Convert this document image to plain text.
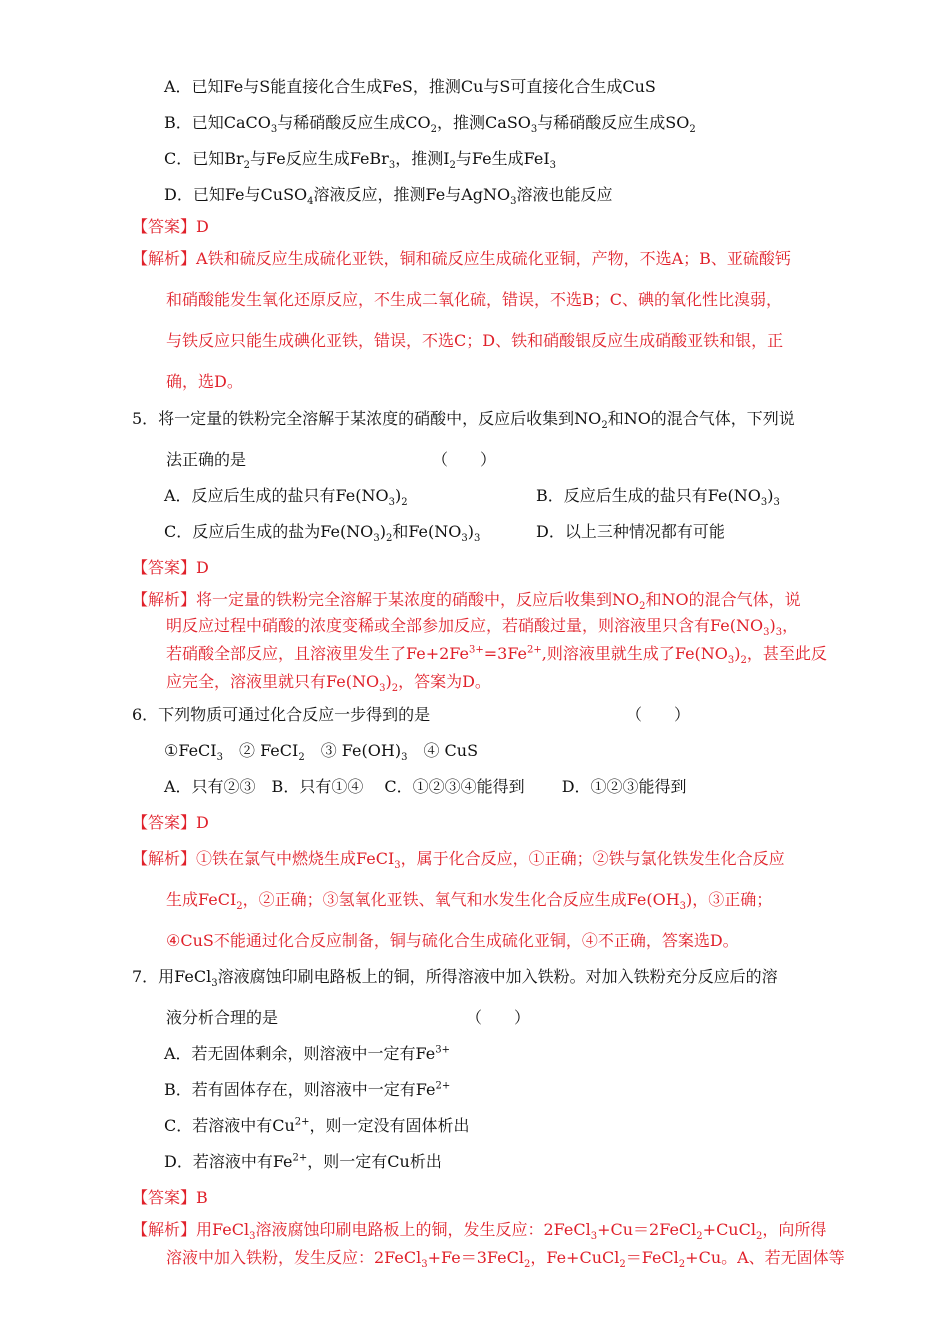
A．已知Fe与S能直接化合生成FeS，推测Cu与S可直接化合生成CuS
B．已知CaCO$_3$与稀硝酸反应生成$CO_2$，推测CaSO$_3$与稀硝酸反应生成$SO_2$
C．已知$Br_2$与Fe反应生成FeBr$_3$，推测$I_2$与Fe生成FeI$_3$
D．已知Fe与CuSO$_4$溶液反应，推测Fe与AgNO$_3$溶液也能反应
【答案】D
【解析】A铁和硫反应生成硫化亚铁，铜和硫反应生成硫化亚铜，产物，不选A；B、亚硫酸钙
和硝酸能发生氧化还原反应，不生成二氧化硫，错误，不选B；C、碘的氧化性比溴弱，
与铁反应只能生成碘化亚铁，错误，不选C；D、铁和硝酸银反应生成硝酸亚铁和银，正
确，选D。
5．将一定量的铁粉完全溶解于某浓度的硝酸中，反应后收集到$NO_2$和NO的混合气体，下列说
法正确的是	（　　）
A．反应后生成的盐只有$Fe(NO_3)_2$	B．反应后生成的盐只有$Fe(NO_3)_3$
C．反应后生成的盐为$Fe(NO_3)_2$和$Fe(NO_3)_3$	D．以上三种情况都有可能
【答案】D
【解析】将一定量的铁粉完全溶解于某浓度的硝酸中，反应后收集到$NO_2$和NO的混合气体，说
明反应过程中硝酸的浓度变稀或全部参加反应，若硝酸过量，则溶液里只含有$Fe(NO_3)_3$，
若硝酸全部反应，且溶液里发生了$Fe+2Fe^{3+}=3Fe^{2+}$,则溶液里就生成了$Fe(NO_3)_2$，甚至此反
应完全，溶液里就只有$Fe(NO_3)_2$，答案为D。
6．下列物质可通过化合反应一步得到的是	（　　）
①FeCI$_3$　② FeCI$_2$　③ $Fe(OH)_3$　④ CuS
A．只有②③　B．只有①④　 C．①②③④能得到　　 D．①②③能得到
【答案】D
【解析】①铁在氯气中燃烧生成FeCI$_3$，属于化合反应，①正确；②铁与氯化铁发生化合反应
生成FeCI$_2$，②正确；③氢氧化亚铁、氧气和水发生化合反应生成$Fe(OH_3)$，③正确；
④CuS不能通过化合反应制备，铜与硫化合生成硫化亚铜，④不正确，答案选D。
7．用FeCl$_3$溶液腐蚀印刷电路板上的铜，所得溶液中加入铁粉。对加入铁粉充分反应后的溶
液分析合理的是	（　　）
A．若无固体剩余，则溶液中一定有$Fe^{3+}$
B．若有固体存在，则溶液中一定有$Fe^{2+}$
C．若溶液中有$Cu^{2+}$，则一定没有固体析出
D．若溶液中有$Fe^{2+}$，则一定有Cu析出
【答案】B
【解析】用FeCl$_3$溶液腐蚀印刷电路板上的铜，发生反应：2FeCl$_3$+Cu＝2FeCl$_2$+CuCl$_2$，向所得
溶液中加入铁粉，发生反应：2FeCl$_3$+Fe＝3FeCl$_2$，Fe+CuCl$_2$＝FeCl$_2$+Cu。A、若无固体等
